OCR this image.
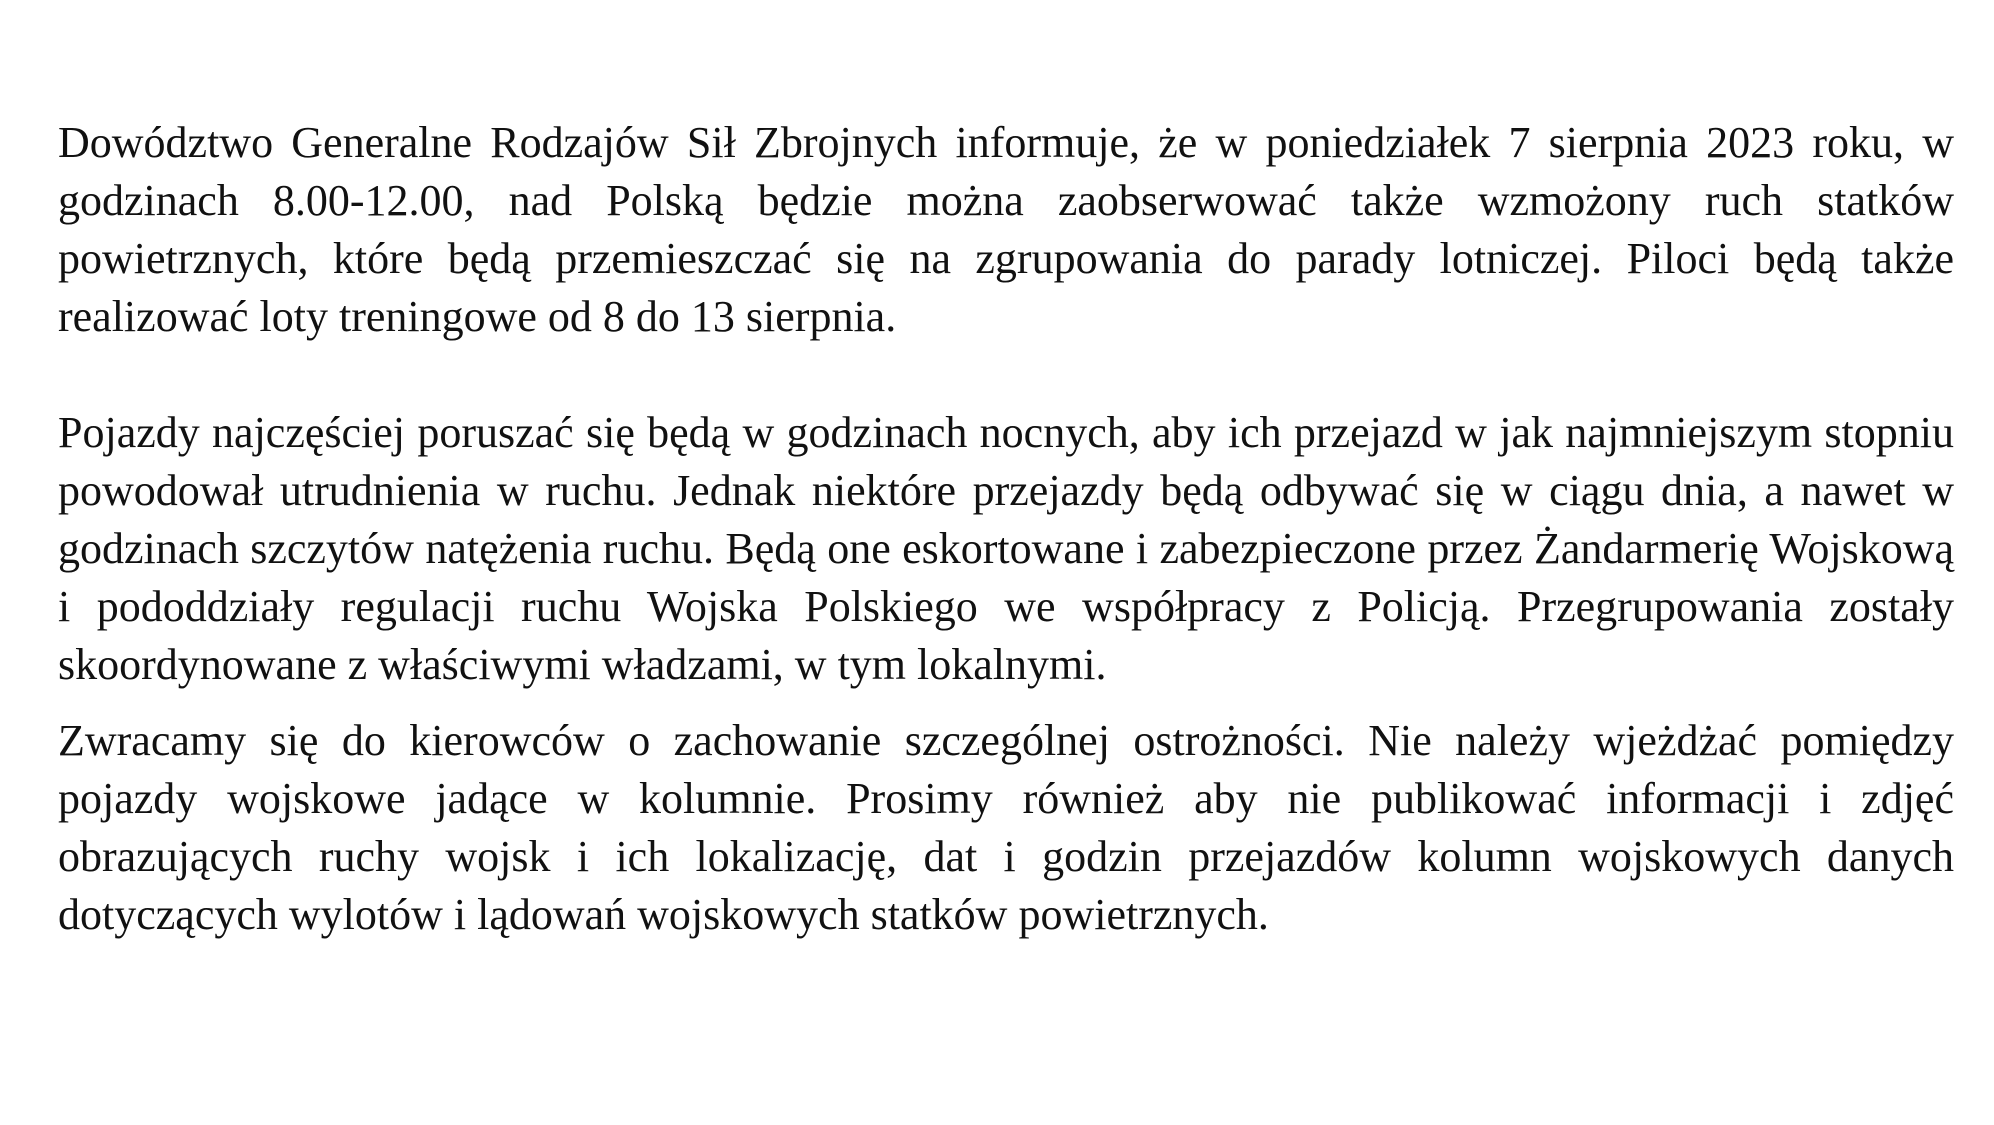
Dowództwo Generalne Rodzajów Sił Zbrojnych informuje, że w poniedziałek 7 sierpnia 2023 roku, w godzinach 8.00-12.00, nad Polską będzie można zaobserwować także wzmożony ruch statków powietrznych, które będą przemieszczać się na zgrupowania do parady lotniczej. Piloci będą także realizować loty treningowe od 8 do 13 sierpnia.

Pojazdy najczęściej poruszać się będą w godzinach nocnych, aby ich przejazd w jak najmniejszym stopniu powodował utrudnienia w ruchu. Jednak niektóre przejazdy będą odbywać się w ciągu dnia, a nawet w godzinach szczytów natężenia ruchu. Będą one eskortowane i zabezpieczone przez Żandarmerię Wojskową i pododdziały regulacji ruchu Wojska Polskiego we współpracy z Policją. Przegrupowania zostały skoordynowane z właściwymi władzami, w tym lokalnymi.

Zwracamy się do kierowców o zachowanie szczególnej ostrożności. Nie należy wjeżdżać pomiędzy pojazdy wojskowe jadące w kolumnie. Prosimy również aby nie publikować informacji i zdjęć obrazujących ruchy wojsk i ich lokalizację, dat i godzin przejazdów kolumn wojskowych danych dotyczących wylotów i lądowań wojskowych statków powietrznych.
